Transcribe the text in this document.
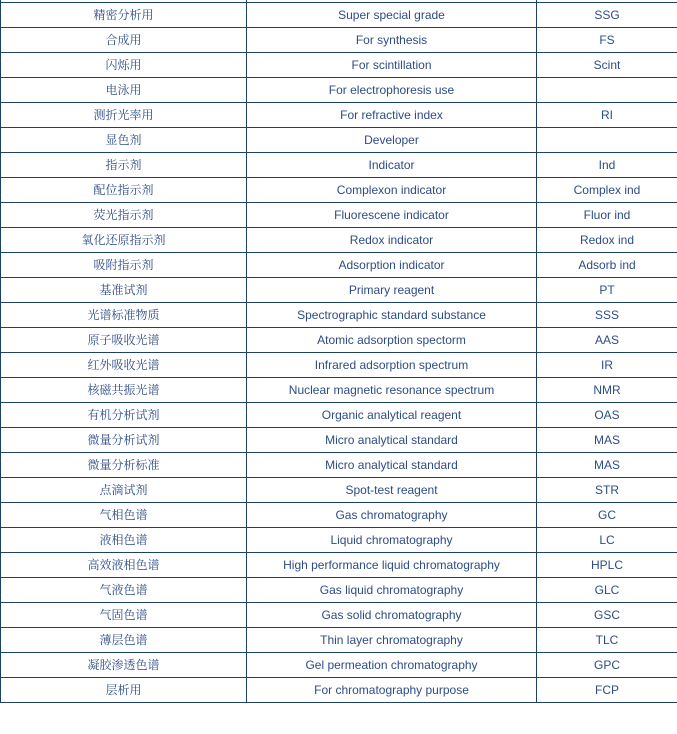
精密分析用	Super special grade	SSG
合成用	For synthesis	FS
闪烁用	For scintillation	Scint
电泳用	For electrophoresis use	
测折光率用	For refractive index	RI
显色剂	Developer	
指示剂	Indicator	Ind
配位指示剂	Complexon indicator	Complex ind
荧光指示剂	Fluorescene indicator	Fluor ind
氧化还原指示剂	Redox indicator	Redox ind
吸附指示剂	Adsorption indicator	Adsorb ind
基准试剂	Primary reagent	PT
光谱标准物质	Spectrographic standard substance	SSS
原子吸收光谱	Atomic adsorption spectorm	AAS
红外吸收光谱	Infrared adsorption spectrum	IR
核磁共振光谱	Nuclear magnetic resonance spectrum	NMR
有机分析试剂	Organic analytical reagent	OAS
微量分析试剂	Micro analytical standard	MAS
微量分析标准	Micro analytical standard	MAS
点滴试剂	Spot-test reagent	STR
气相色谱	Gas chromatography	GC
液相色谱	Liquid chromatography	LC
高效液相色谱	High performance liquid chromatography	HPLC
气液色谱	Gas liquid chromatography	GLC
气固色谱	Gas solid chromatography	GSC
薄层色谱	Thin layer chromatography	TLC
凝胶渗透色谱	Gel permeation chromatography	GPC
层析用	For chromatography purpose	FCP
